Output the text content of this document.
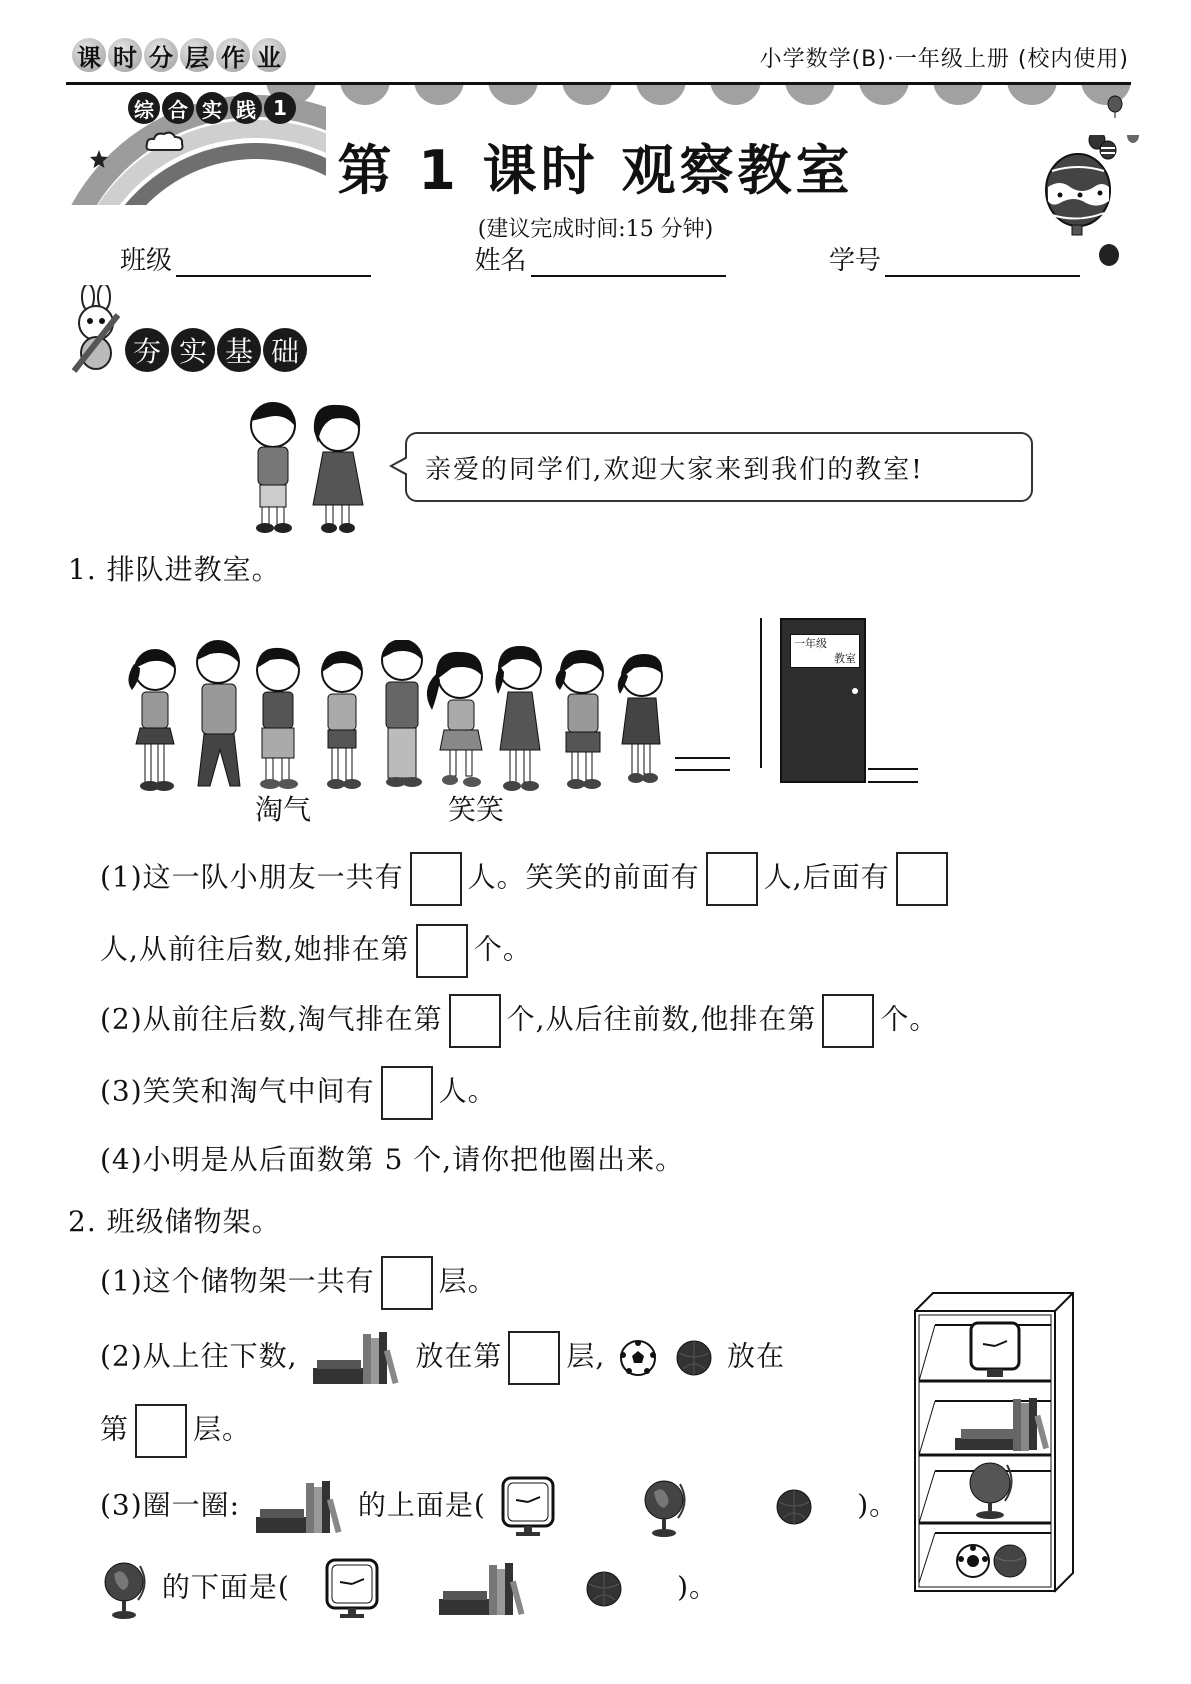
课 时 分 层 作 业	小学数学(B)·一年级上册 (校内使用)
综 合 实 践 1
第 1 课时 观察教室
(建议完成时间:15 分钟)
班级	姓名	学号
夯 实 基 础
亲爱的同学们,欢迎大家来到我们的教室!
1. 排队进教室。
一年级
教室
淘气	笑笑
(1)这一队小朋友一共有 人。笑笑的前面有 人,后面有
人,从前往后数,她排在第 个。
(2)从前往后数,淘气排在第 个,从后往前数,他排在第 个。
(3)笑笑和淘气中间有 人。
(4)小明是从后面数第 5 个,请你把他圈出来。
2. 班级储物架。
(1)这个储物架一共有 层。
(2)从上往下数,	放在第 层,	放在
第 层。
(3)圈一圈:	的上面是(	)。
的下面是(	)。
